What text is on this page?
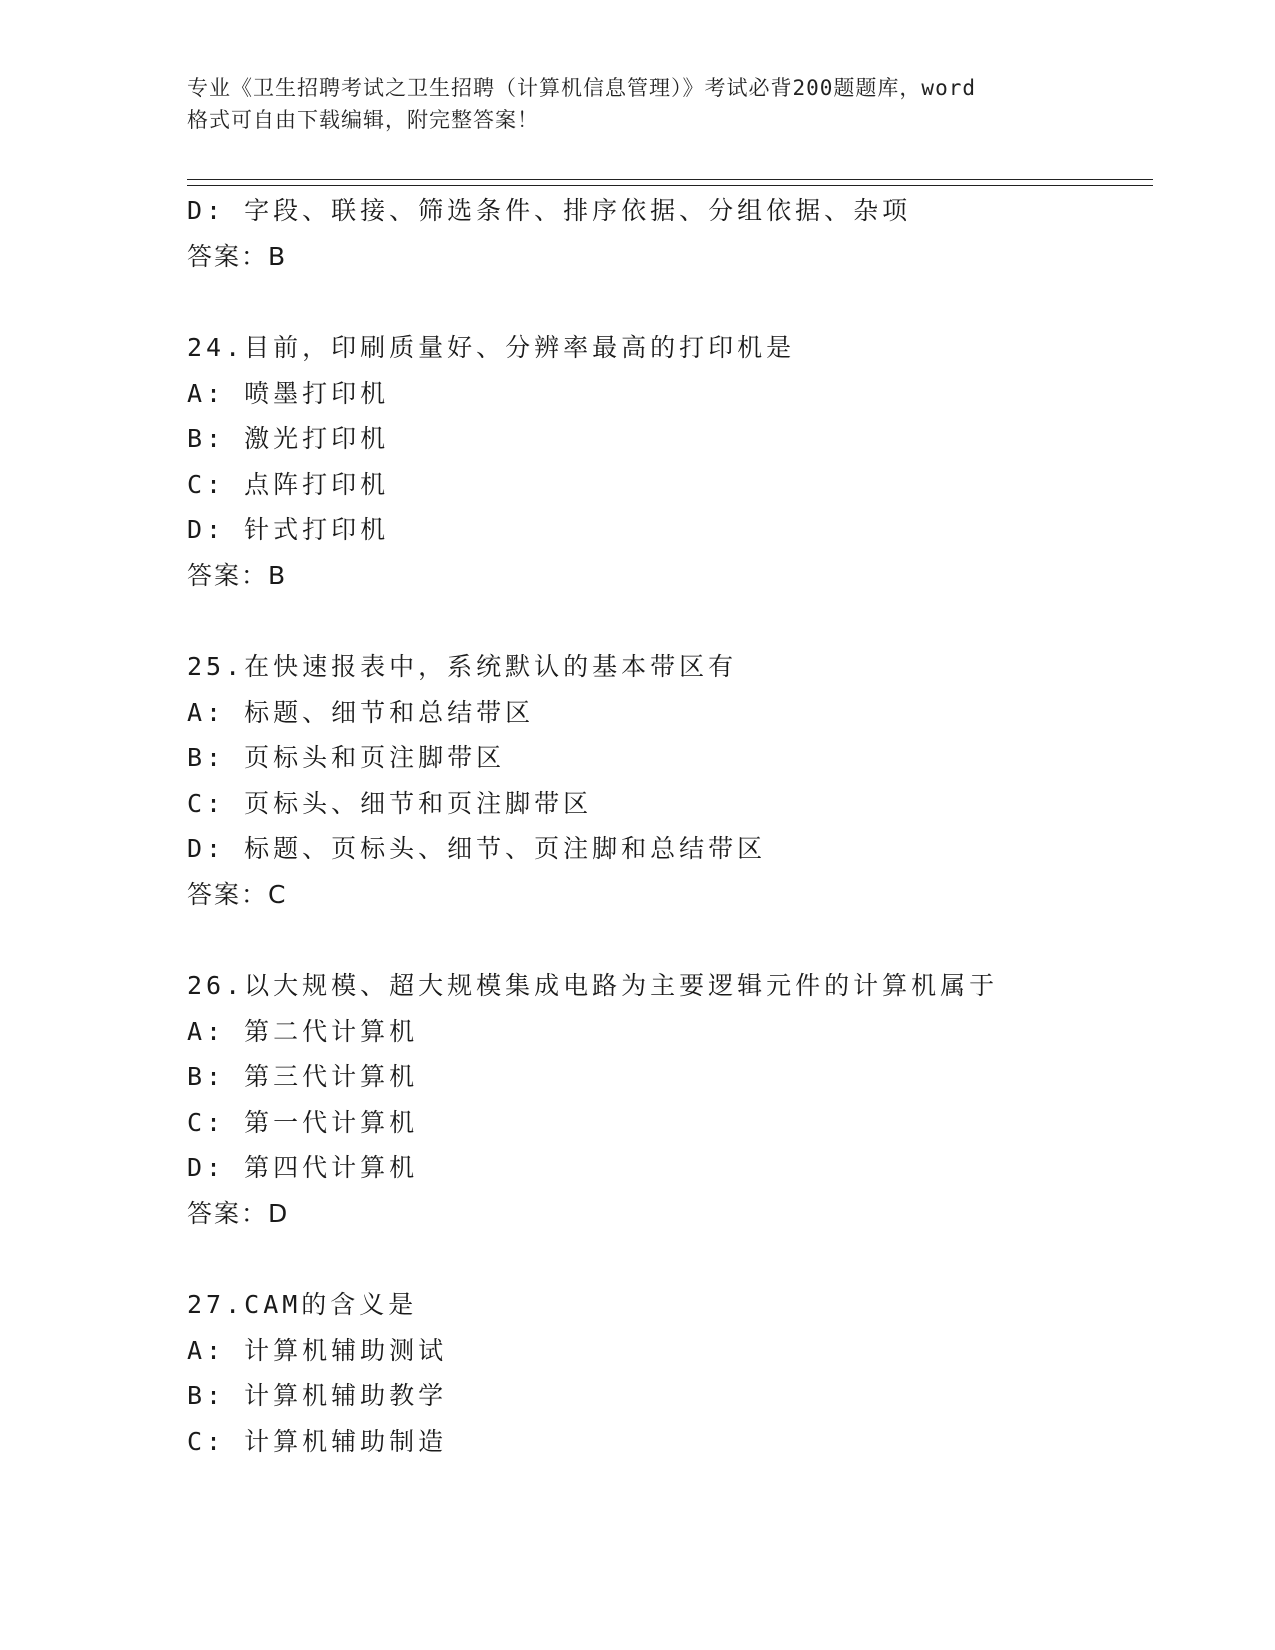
专业《卫生招聘考试之卫生招聘（计算机信息管理）》考试必背200题题库，word
格式可自由下载编辑，附完整答案！
D: 字段、联接、筛选条件、排序依据、分组依据、杂项
答案：B
24.目前，印刷质量好、分辨率最高的打印机是
A: 喷墨打印机
B: 激光打印机
C: 点阵打印机
D: 针式打印机
答案：B
25.在快速报表中，系统默认的基本带区有
A: 标题、细节和总结带区
B: 页标头和页注脚带区
C: 页标头、细节和页注脚带区
D: 标题、页标头、细节、页注脚和总结带区
答案：C
26.以大规模、超大规模集成电路为主要逻辑元件的计算机属于
A: 第二代计算机
B: 第三代计算机
C: 第一代计算机
D: 第四代计算机
答案：D
27.CAM的含义是
A: 计算机辅助测试
B: 计算机辅助教学
C: 计算机辅助制造
